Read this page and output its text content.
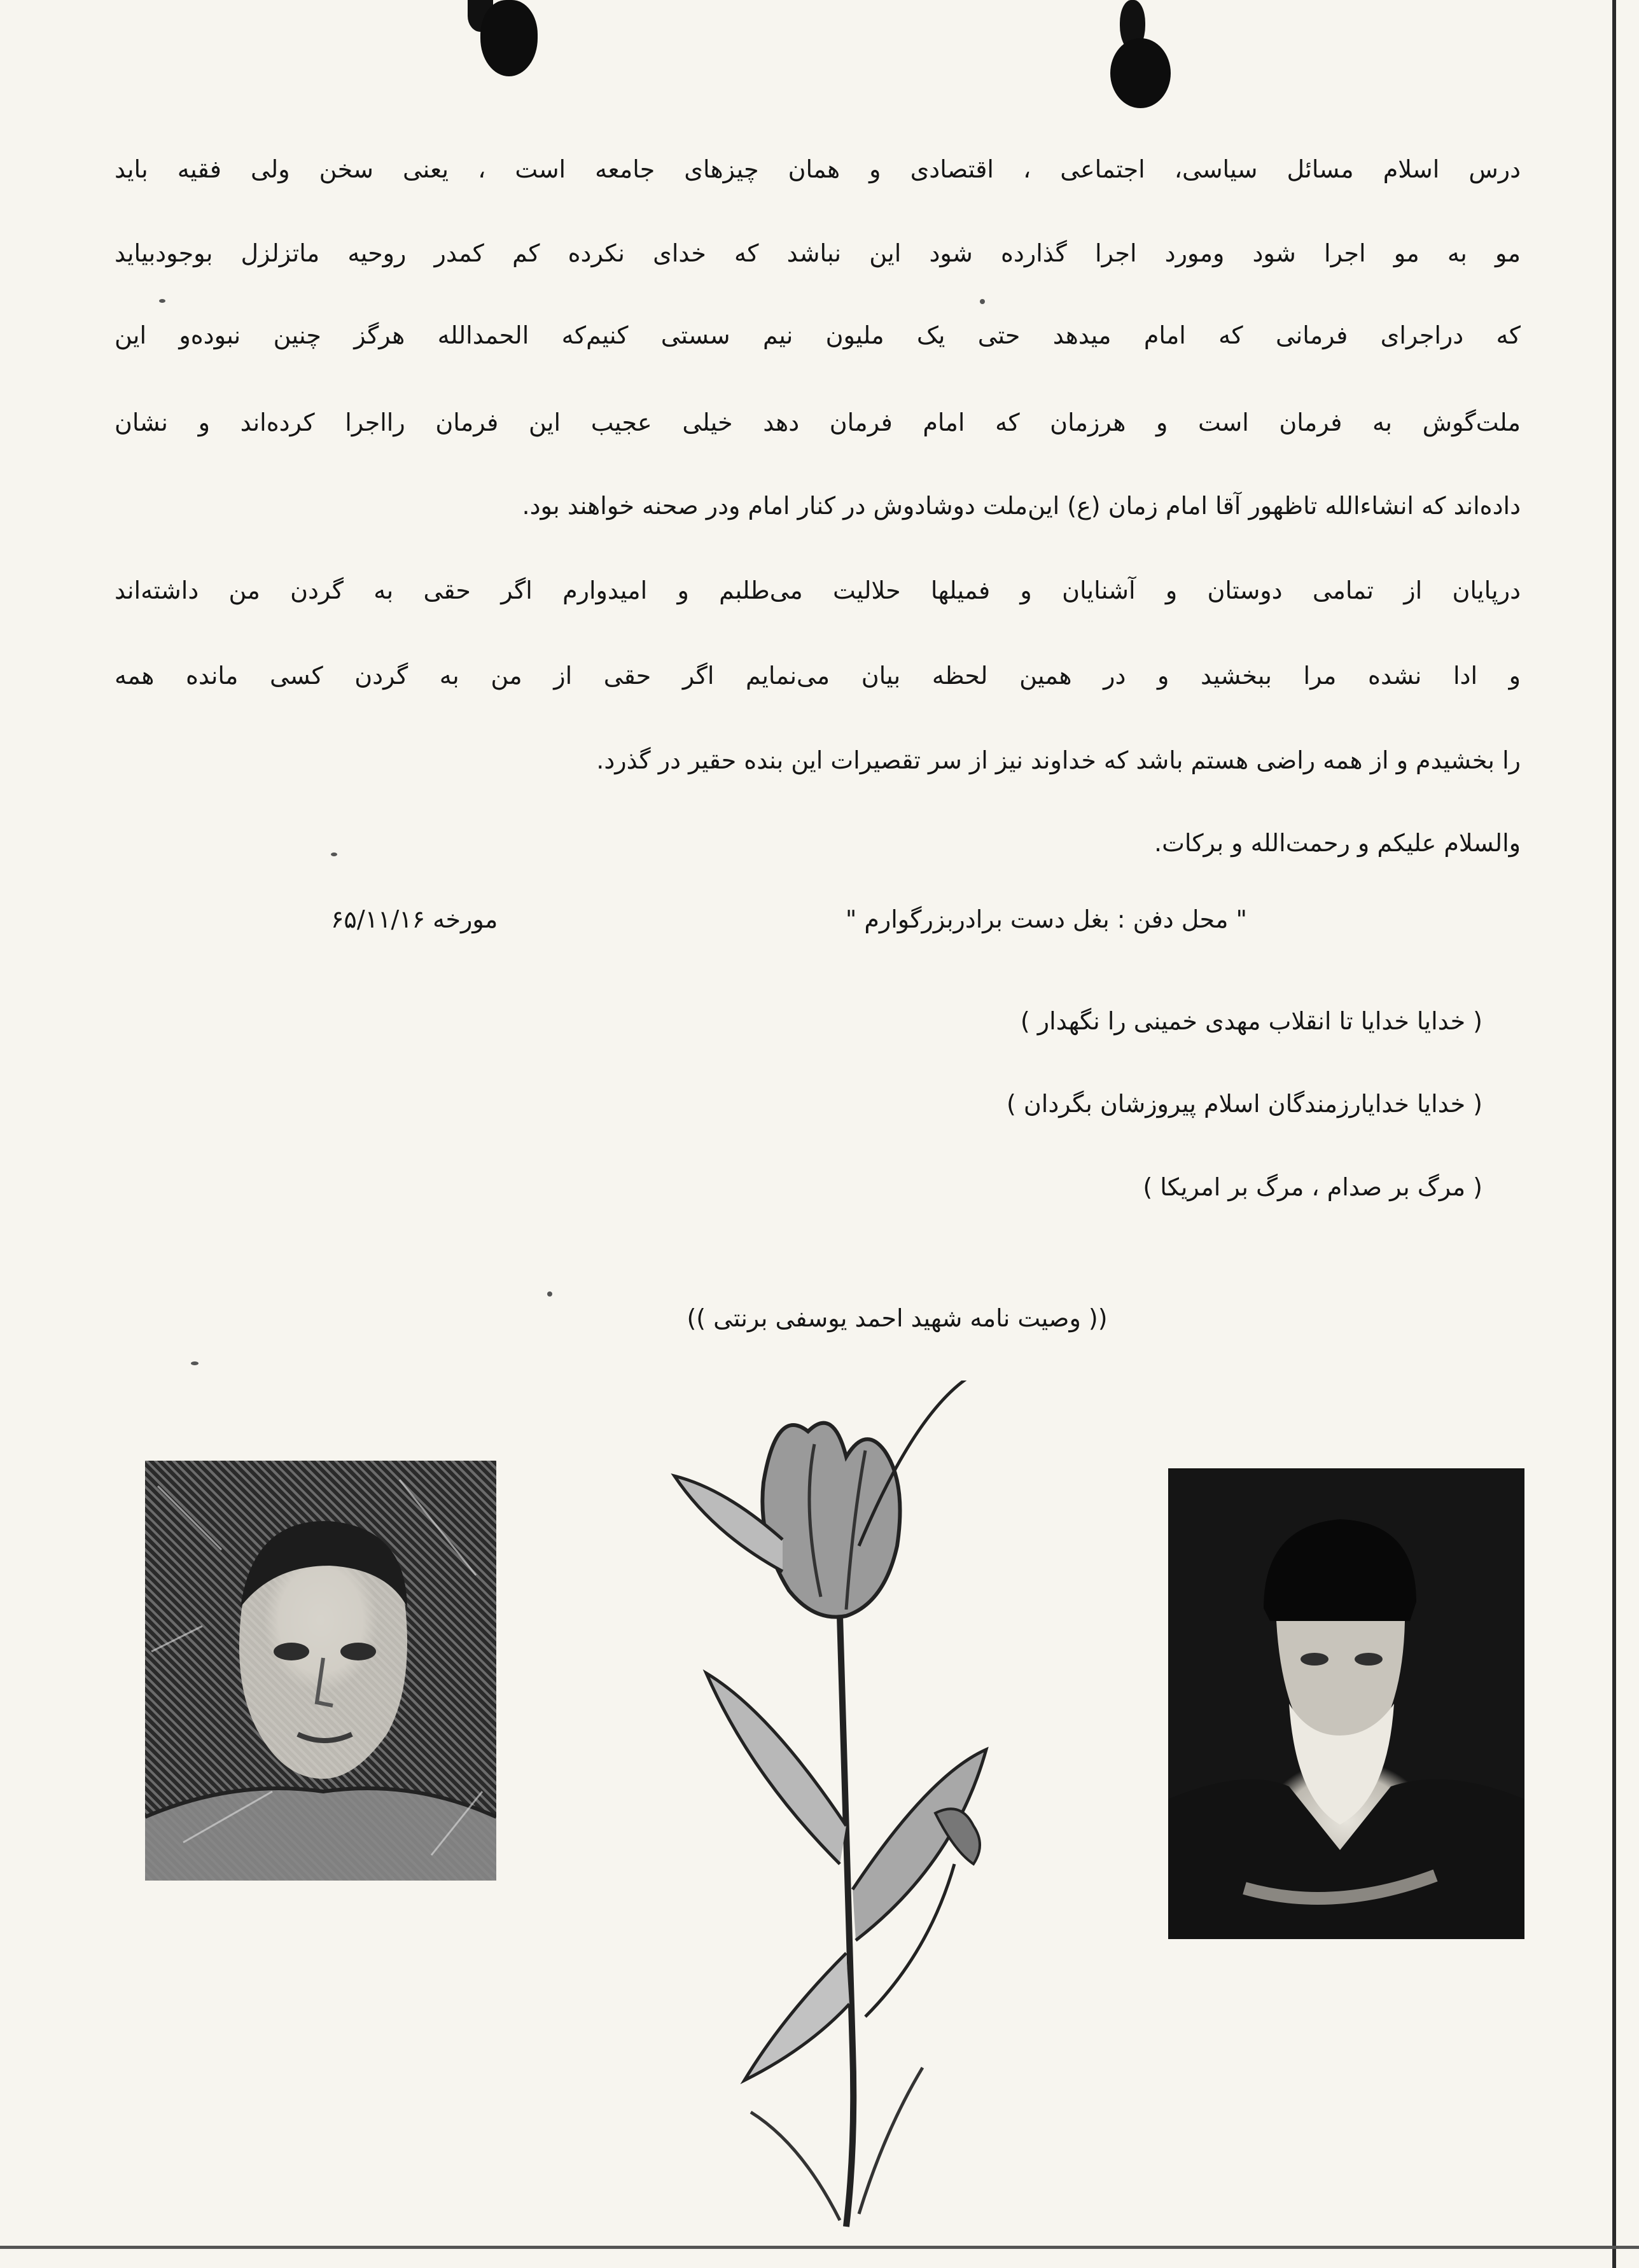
درس اسلام مسائل سیاسی، اجتماعی ، اقتصادی و همان چیزهای جامعه است ، یعنی سخن ولی فقیه باید
مو به مو اجرا شود ومورد اجرا گذارده شود این نباشد که خدای نکرده کم کمدر روحیه ماتزلزل بوجودبیاید
که دراجرای فرمانی که امام میدهد حتی یک ملیون نیم سستی کنیم‌که الحمدالله هرگز چنین نبوده‌و این
ملت‌گوش به فرمان است و هرزمان که امام فرمان دهد خیلی عجیب این فرمان رااجرا کرده‌اند و نشان
داده‌اند که انشاءالله تاظهور آقا امام زمان (ع) این‌ملت دوشادوش در کنار امام ودر صحنه خواهند بود.
درپایان از تمامی دوستان و آشنایان و فمیلها حلالیت می‌طلبم و امیدوارم اگر حقی به گردن من داشته‌اند
و ادا نشده مرا ببخشید و در همین لحظه بیان می‌نمایم اگر حقی از من به گردن کسی مانده همه
را بخشیدم و از همه راضی هستم باشد که خداوند نیز از سر تقصیرات این بنده حقیر در گذرد.
والسلام علیکم و رحمت‌الله و برکات.
" محل دفن : بغل دست برادربزرگوارم "
مورخه ۶۵/۱۱/۱۶
( خدایا خدایا تا انقلاب مهدی خمینی را نگهدار )
( خدایا خدایارزمندگان اسلام پیروزشان بگردان )
( مرگ بر صدام ، مرگ بر امریکا )
(( وصیت نامه شهید احمد یوسفی برنتی ))
